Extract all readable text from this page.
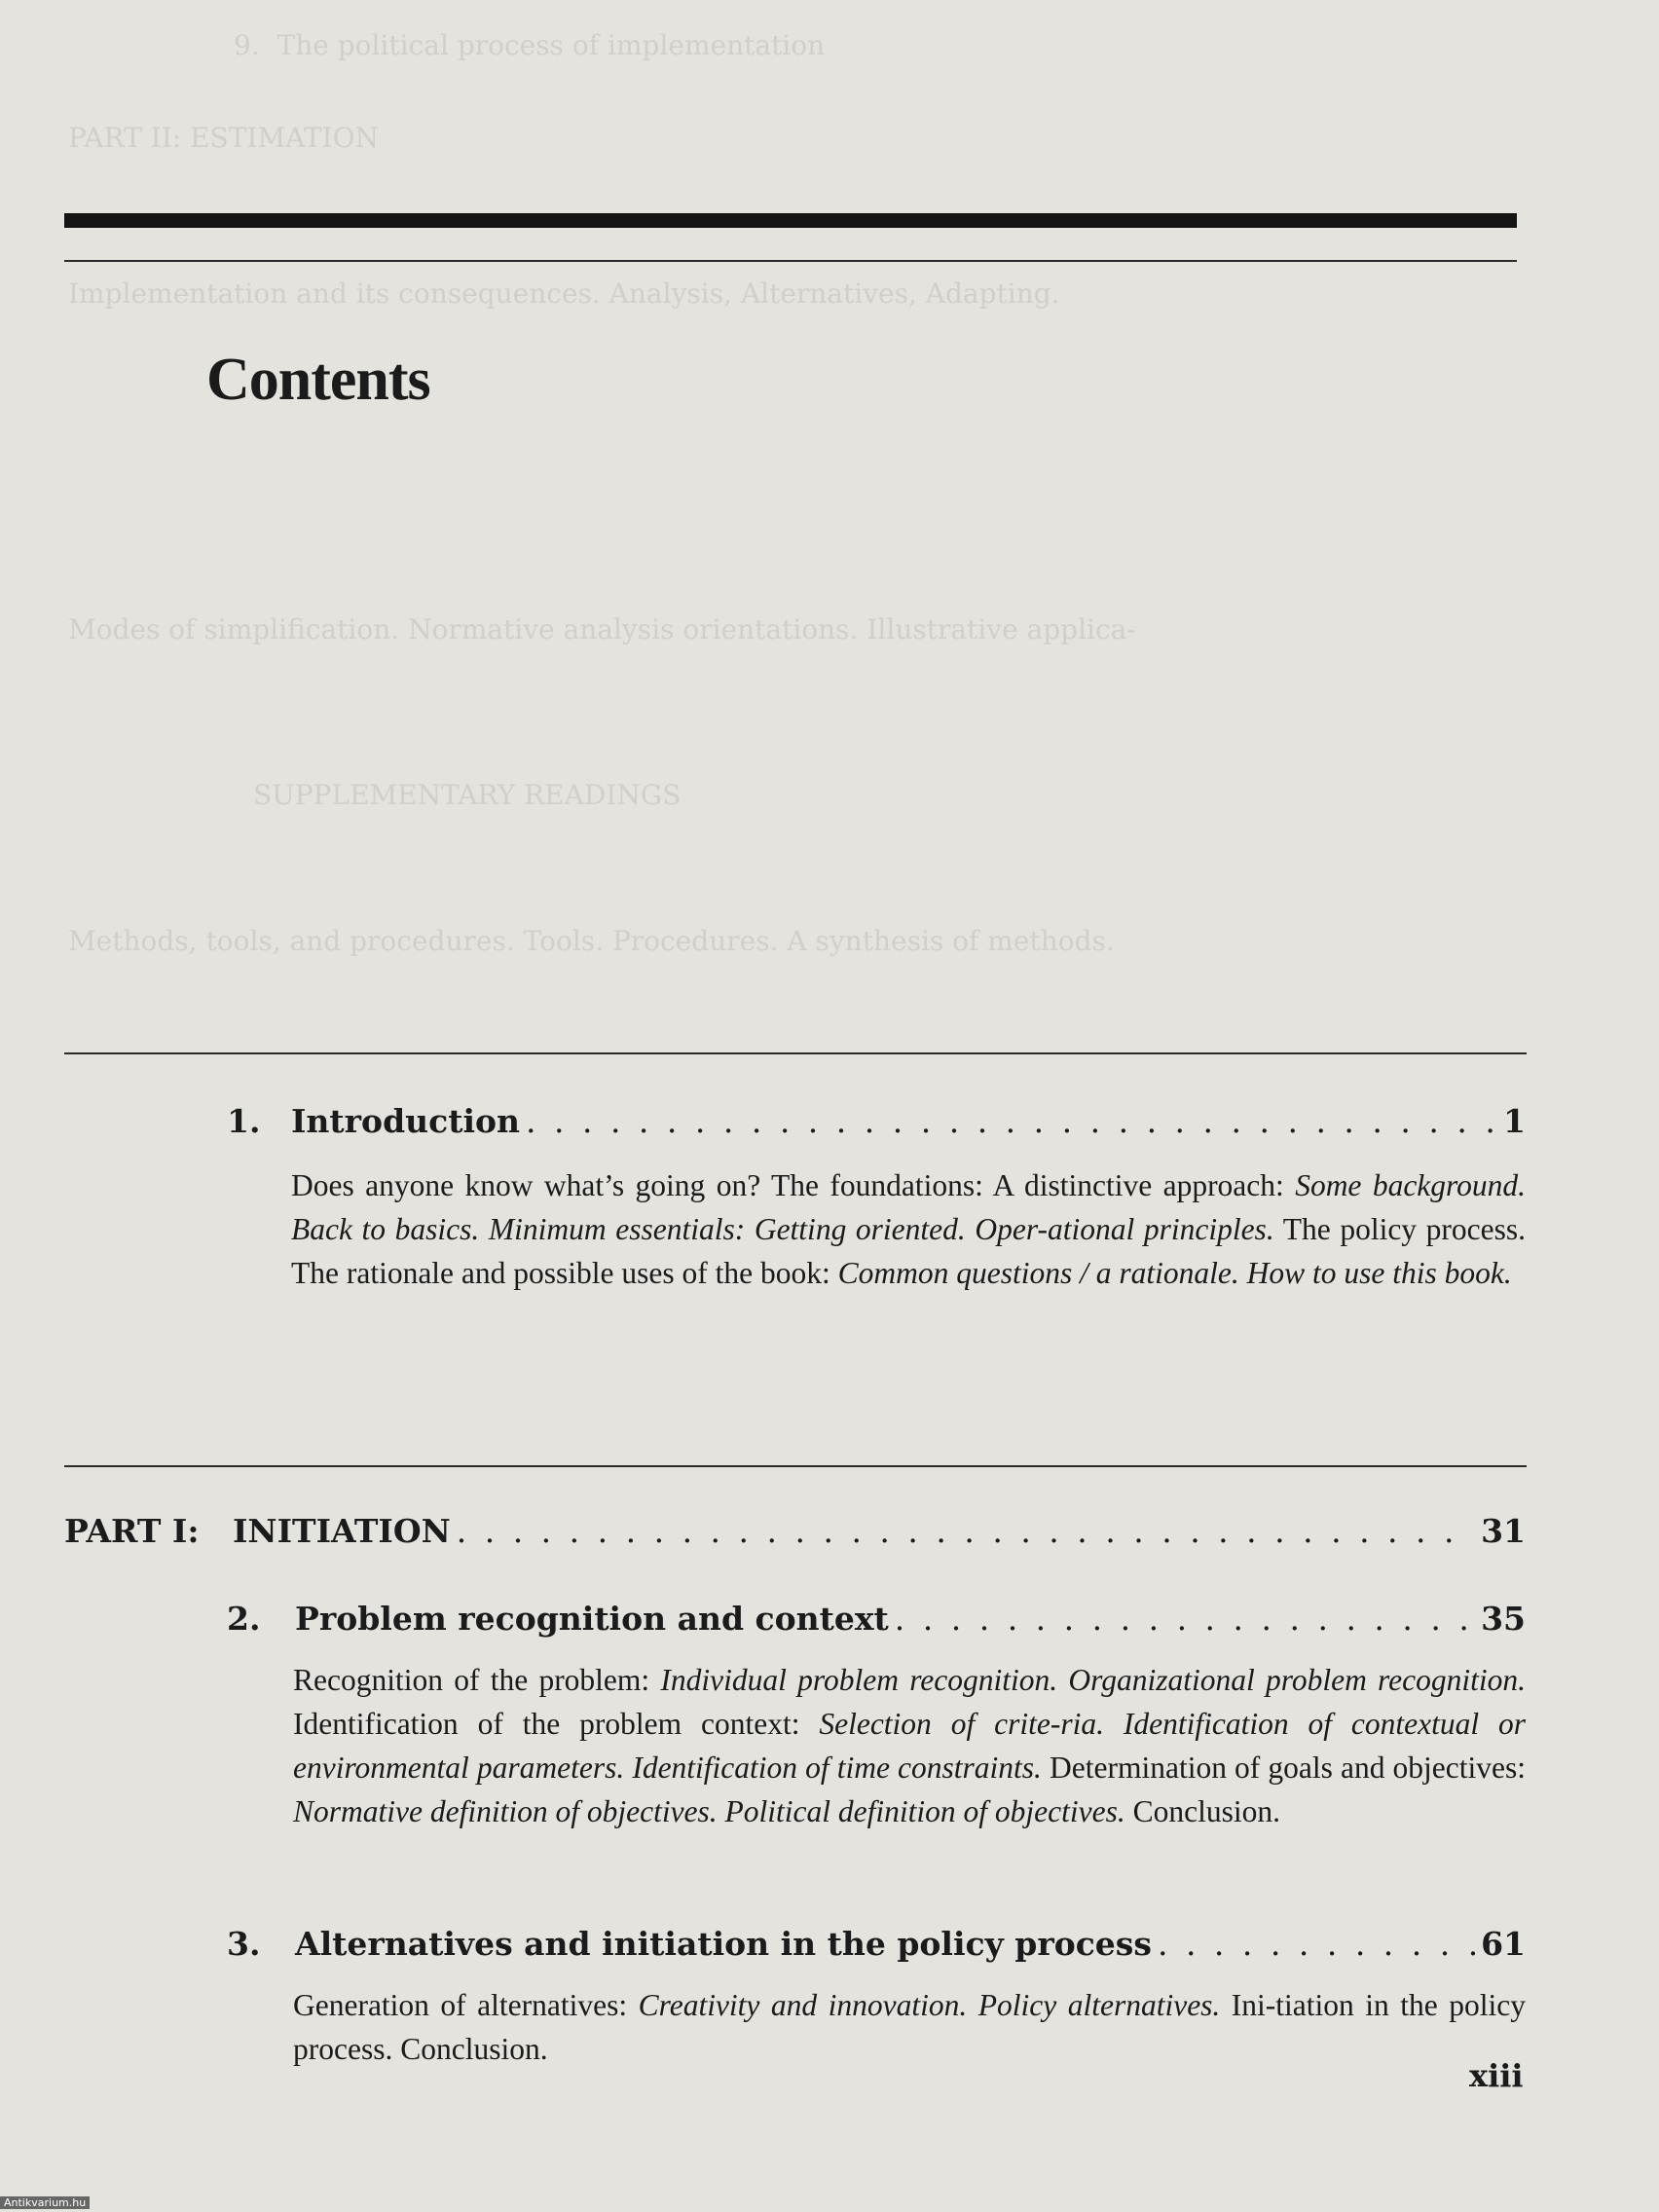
9.  The political process of implementation
PART II: ESTIMATION
Implementation and its consequences. Analysis, Alternatives, Adapting.
Modes of simplification. Normative analysis orientations. Illustrative applica-
Methods, tools, and procedures. Tools. Procedures. A synthesis of methods.
SUPPLEMENTARY READINGS
Contents
1. Introduction . . .	1
Does anyone know what’s going on? The foundations: A distinctive approach: Some background. Back to basics. Minimum essentials: Getting oriented. Oper-ational principles. The policy process. The rationale and possible uses of the book: Common questions / a rationale. How to use this book.
PART I:	INITIATION . . .	31
2.	Problem recognition and context . . .	35
Recognition of the problem: Individual problem recognition. Organizational problem recognition. Identification of the problem context: Selection of crite-ria. Identification of contextual or environmental parameters. Identification of time constraints. Determination of goals and objectives: Normative definition of objectives. Political definition of objectives. Conclusion.
3.	Alternatives and initiation in the policy process . . .	61
Generation of alternatives: Creativity and innovation. Policy alternatives. Ini-tiation in the policy process. Conclusion.
xiii
Antikvarium.hu
